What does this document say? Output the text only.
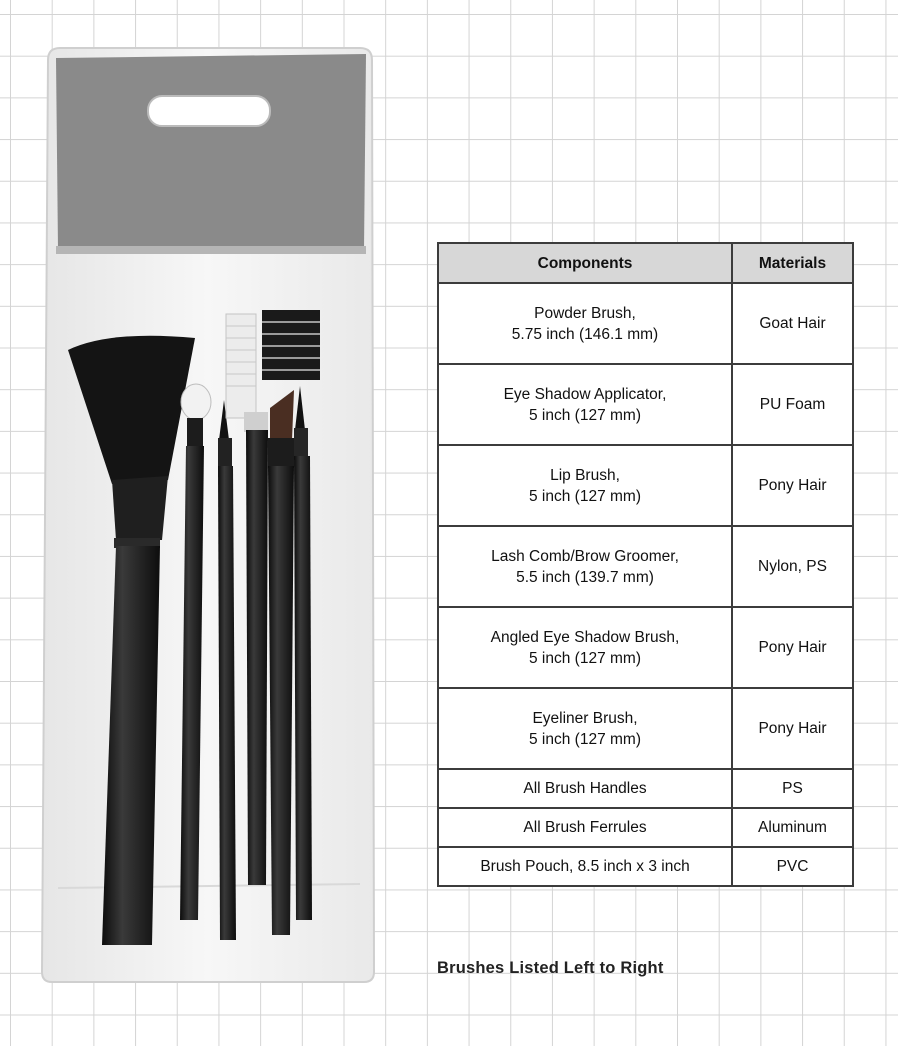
Components	Materials

Powder Brush,
5.75 inch (146.1 mm)	Goat Hair

Eye Shadow Applicator,
5 inch (127 mm)	PU Foam

Lip Brush,
5 inch (127 mm)	Pony Hair

Lash Comb/Brow Groomer,
5.5 inch (139.7 mm)	Nylon, PS

Angled Eye Shadow Brush,
5 inch (127 mm)	Pony Hair

Eyeliner Brush,
5 inch (127 mm)	Pony Hair
All Brush Handles	PS
All Brush Ferrules	Aluminum
Brush Pouch, 8.5 inch x 3 inch	PVC
Brushes Listed Left to Right
